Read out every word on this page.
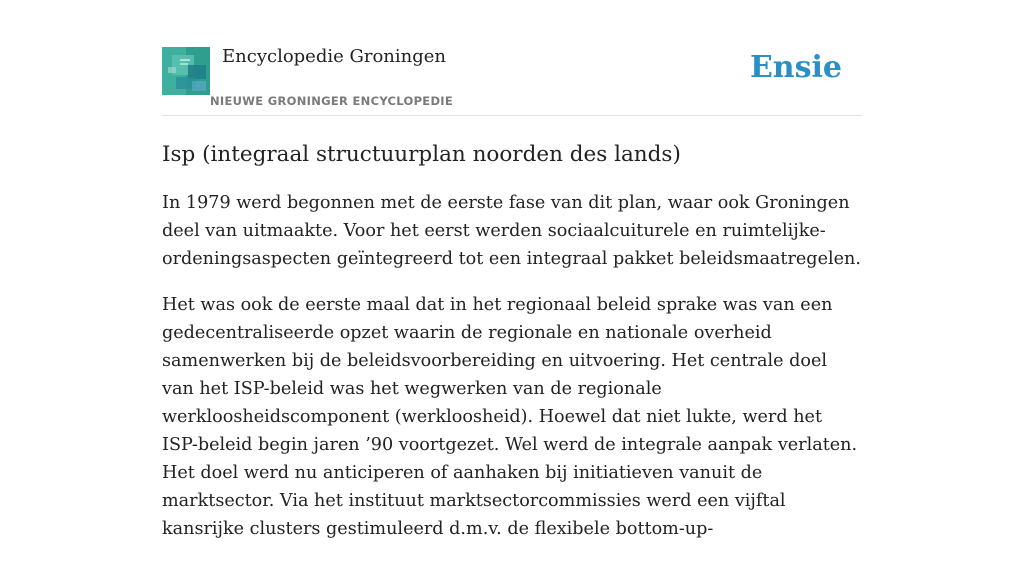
Encyclopedie Groningen
NIEUWE GRONINGER ENCYCLOPEDIE
Ensie
Isp (integraal structuurplan noorden des lands)

In 1979 werd begonnen met de eerste fase van dit plan, waar ook Groningen deel van uitmaakte. Voor het eerst werden sociaalcuiturele en ruimtelijke-ordeningsaspecten geïntegreerd tot een integraal pakket beleidsmaatregelen.

Het was ook de eerste maal dat in het regionaal beleid sprake was van een gedecentraliseerde opzet waarin de regionale en nationale overheid samenwerken bij de beleidsvoorbereiding en uitvoering. Het centrale doel van het ISP-beleid was het wegwerken van de regionale werkloosheidscomponent (werkloosheid). Hoewel dat niet lukte, werd het ISP-beleid begin jaren ’90 voortgezet. Wel werd de integrale aanpak verlaten. Het doel werd nu anticiperen of aanhaken bij initiatieven vanuit de marktsector. Via het instituut marktsectorcommissies werd een vijftal kansrijke clusters gestimuleerd d.m.v. de flexibele bottom-up-
